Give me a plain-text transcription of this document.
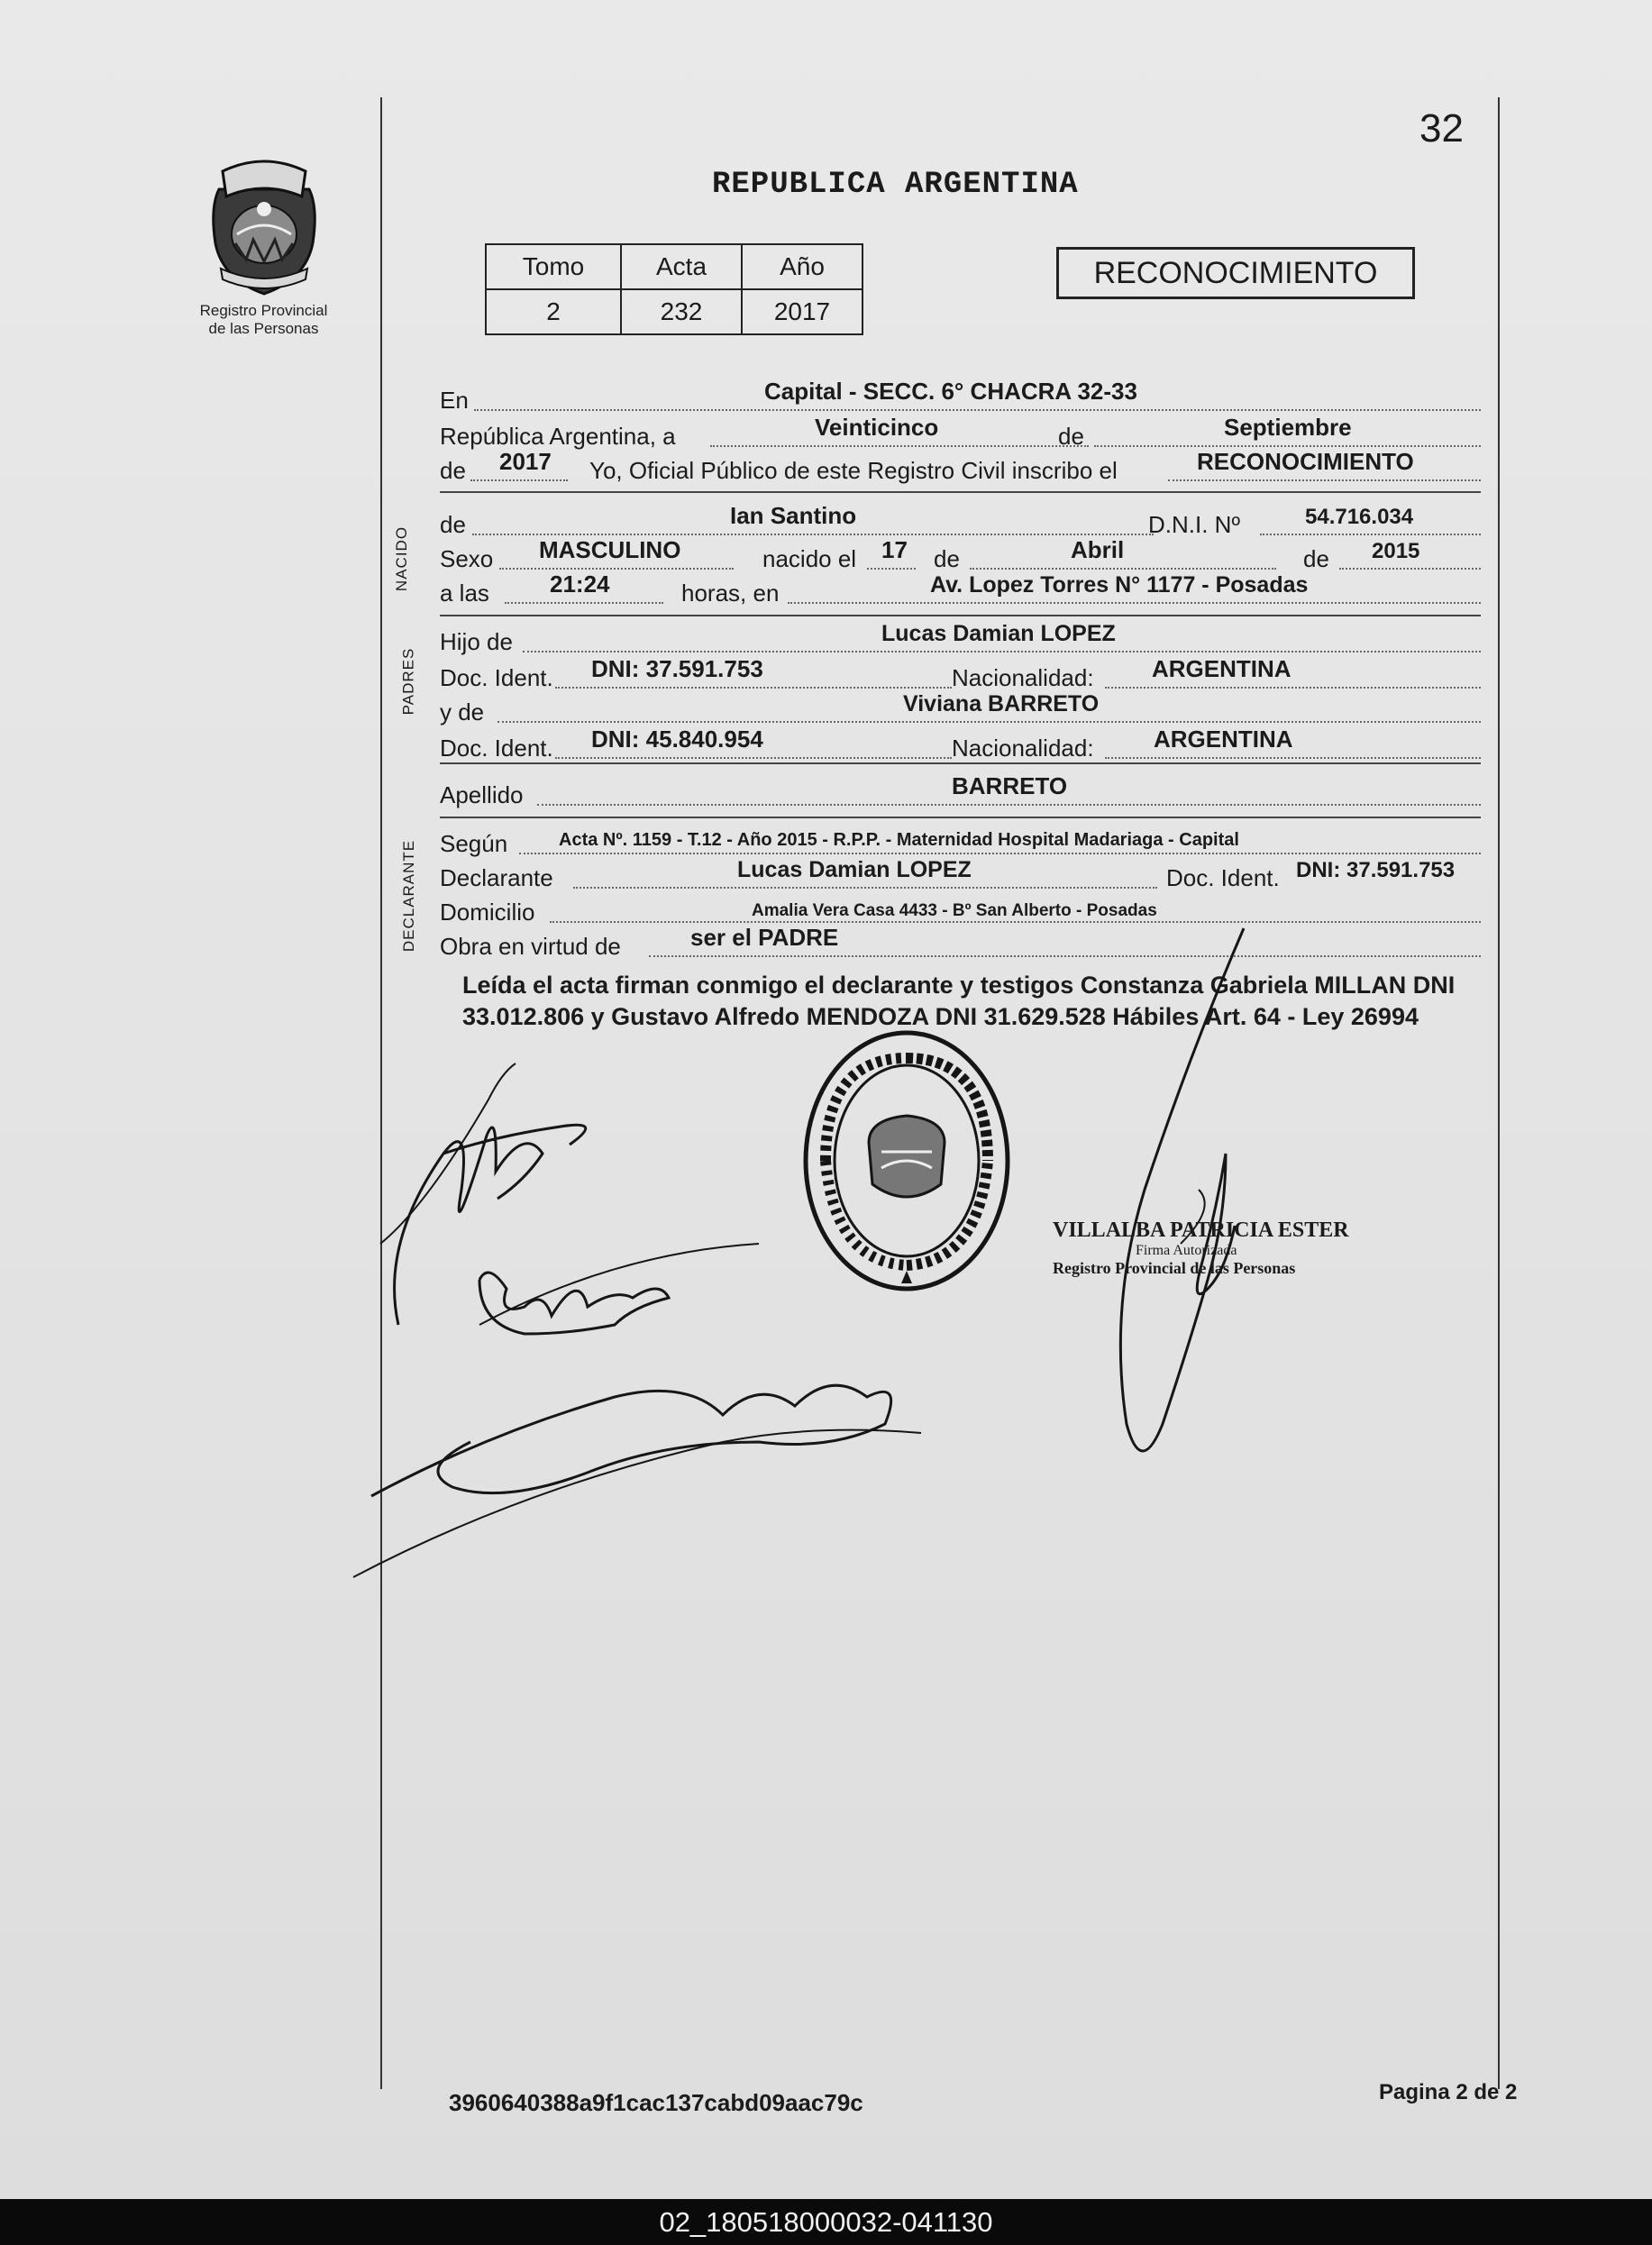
Registro Provincial
de las Personas
32
REPUBLICA ARGENTINA
Tomo	Acta	Año
2	232	2017
RECONOCIMIENTO
En	Capital - SECC. 6° CHACRA 32-33
República Argentina, a	Veinticinco	de	Septiembre
de 2017 Yo, Oficial Público de este Registro Civil inscribo el	RECONOCIMIENTO
NACIDO
de	Ian Santino	D.N.I. Nº	54.716.034
Sexo MASCULINO	nacido el 17 de	Abril	de 2015
a las	21:24	horas, en	Av. Lopez Torres N° 1177 - Posadas
PADRES
Hijo de	Lucas Damian LOPEZ
Doc. Ident. DNI: 37.591.753	Nacionalidad: ARGENTINA
y de	Viviana BARRETO
Doc. Ident. DNI: 45.840.954	Nacionalidad:	ARGENTINA
Apellido	BARRETO
DECLARANTE Según	Acta Nº. 1159 - T.12 - Año 2015 - R.P.P. - Maternidad Hospital Madariaga - Capital
Declarante	Lucas Damian LOPEZ	Doc. Ident. DNI: 37.591.753
Domicilio	Amalia Vera Casa 4433 - Bº San Alberto - Posadas
Obra en virtud de	ser el PADRE
Leída el acta firman conmigo el declarante y testigos Constanza Gabriela MILLAN DNI 33.012.806 y Gustavo Alfredo MENDOZA DNI 31.629.528 Hábiles Art. 64 - Ley 26994
VILLALBA PATRICIA ESTER
Firma Autorizada
Registro Provincial de las Personas
3960640388a9f1cac137cabd09aac79c	Pagina 2 de 2
02_180518000032-041130
